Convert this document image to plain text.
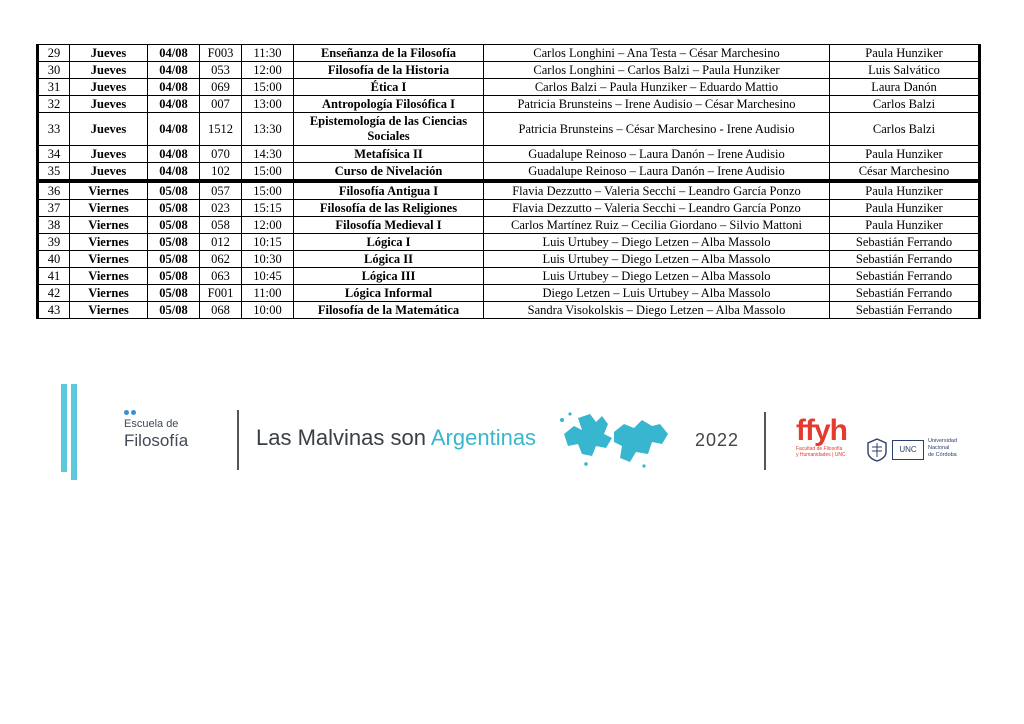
29	Jueves	04/08	F003	11:30	Enseñanza de la Filosofía	Carlos Longhini – Ana Testa – César Marchesino	Paula Hunziker
30	Jueves	04/08	053	12:00	Filosofía de la Historia	Carlos Longhini – Carlos Balzi – Paula Hunziker	Luis Salvático
31	Jueves	04/08	069	15:00	Ética I	Carlos Balzi – Paula Hunziker – Eduardo Mattio	Laura Danón
32	Jueves	04/08	007	13:00	Antropología Filosófica I	Patricia Brunsteins – Irene Audisio – César Marchesino	Carlos Balzi
33	Jueves	04/08	1512	13:30	Epistemología de las Ciencias Sociales	Patricia Brunsteins – César Marchesino - Irene Audisio	Carlos Balzi
34	Jueves	04/08	070	14:30	Metafísica II	Guadalupe Reinoso – Laura Danón – Irene Audisio	Paula Hunziker
35	Jueves	04/08	102	15:00	Curso de Nivelación	Guadalupe Reinoso – Laura Danón – Irene Audisio	César Marchesino
36	Viernes	05/08	057	15:00	Filosofía Antigua I	Flavia Dezzutto – Valeria Secchi – Leandro García Ponzo	Paula Hunziker
37	Viernes	05/08	023	15:15	Filosofía de las Religiones	Flavia Dezzutto – Valeria Secchi – Leandro García Ponzo	Paula Hunziker
38	Viernes	05/08	058	12:00	Filosofía Medieval I	Carlos Martínez Ruiz – Cecilia Giordano – Silvio Mattoni	Paula Hunziker
39	Viernes	05/08	012	10:15	Lógica I	Luis Urtubey – Diego Letzen – Alba Massolo	Sebastián Ferrando
40	Viernes	05/08	062	10:30	Lógica II	Luis Urtubey – Diego Letzen – Alba Massolo	Sebastián Ferrando
41	Viernes	05/08	063	10:45	Lógica III	Luis Urtubey – Diego Letzen – Alba Massolo	Sebastián Ferrando
42	Viernes	05/08	F001	11:00	Lógica Informal	Diego Letzen – Luis Urtubey – Alba Massolo	Sebastián Ferrando
43	Viernes	05/08	068	10:00	Filosofía de la Matemática	Sandra Visokolskis – Diego Letzen – Alba Massolo	Sebastián Ferrando
Escuela de
Filosofía	Las Malvinas son Argentinas	2022 ffyh
Facultad de Filosofía
y Humanidades | UNC
UNC
Universidad
Nacional
de Córdoba
